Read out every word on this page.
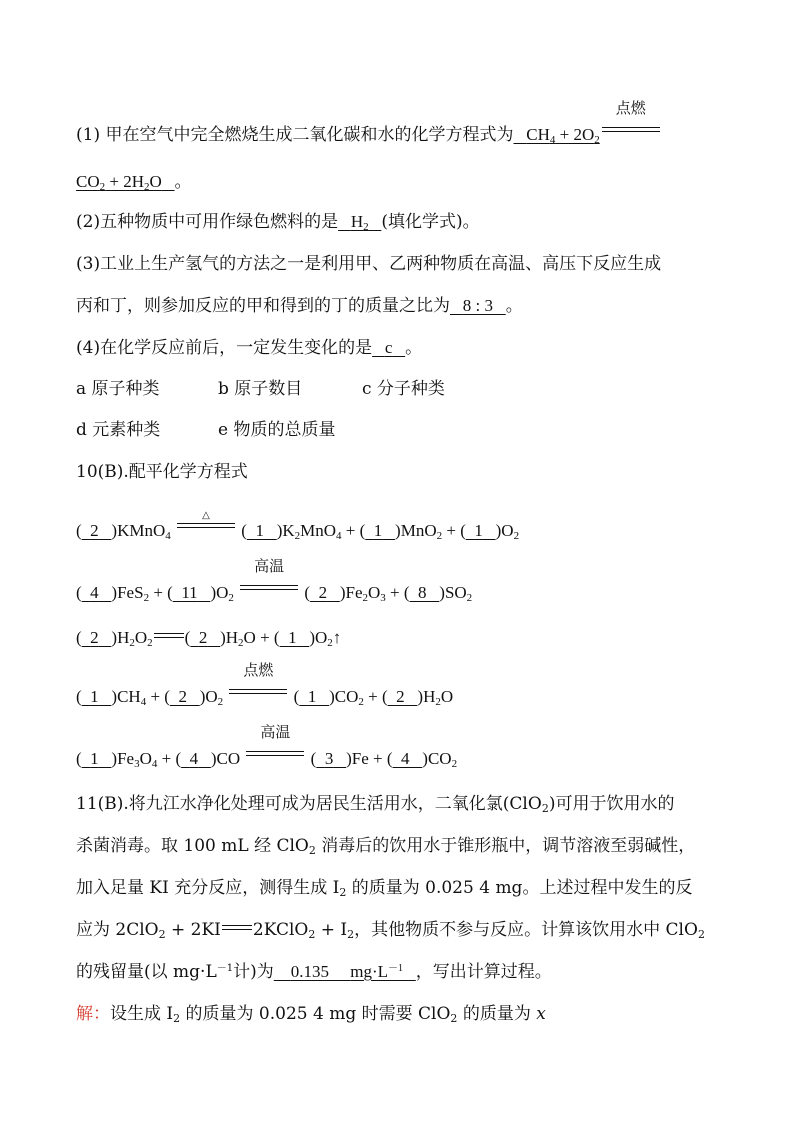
(1) 甲在空气中完全燃烧生成二氧化碳和水的化学方程式为 $CH_4 + 2O_2$
点燃
$CO_2 + 2H_2O$ 。
(2)五种物质中可用作绿色燃料的是 $H_2$ (填化学式)。
(3)工业上生产氢气的方法之一是利用甲、乙两种物质在高温、高压下反应生成
丙和丁，则参加反应的甲和得到的丁的质量之比为 8 : 3 。
(4)在化学反应前后，一定发生变化的是 c 。
a 原子种类	b 原子数目	c 分子种类
d 元素种类	e 物质的总质量
10(B).配平化学方程式
( 2 )KMnO$_4$
△
( 1 )$K_2MnO_4$ + ( 1 )MnO$_2$ + ( 1 )$O_2$
( 4 )FeS$_2$ + ( 11 )$O_2$
高温
( 2 )$Fe_2O_3$ + ( 8 )$SO_2$
( 2 )$H_2O_2$ ( 2 )$H_2O$ + ( 1 )$O_2↑$
( 1 )$CH_4$ + ( 2 )$O_2$
点燃
( 1 )$CO_2$ + ( 2 )$H_2O$
( 1 )$Fe_3O_4$ + ( 4 )CO
高温
( 3 )Fe + ( 4 )$CO_2$
11(B).将九江水净化处理可成为居民生活用水，二氧化氯(ClO$_2$)可用于饮用水的
杀菌消毒。取 100 mL 经 ClO$_2$ 消毒后的饮用水于锥形瓶中，调节溶液至弱碱性，
加入足量 KI 充分反应，测得生成 $I_2$ 的质量为 0.025 4 mg。上述过程中发生的反
应为 2ClO$_2$ + 2KI 2KClO$_2$ + $I_2$，其他物质不参与反应。计算该饮用水中 ClO$_2$
的残留量(以 $mg\cdot L^{-1}$计)为 0.135 $mg\cdot L^{-1}$ ，写出计算过程。
解：设生成 $I_2$ 的质量为 0.025 4 mg 时需要 ClO$_2$ 的质量为 x
